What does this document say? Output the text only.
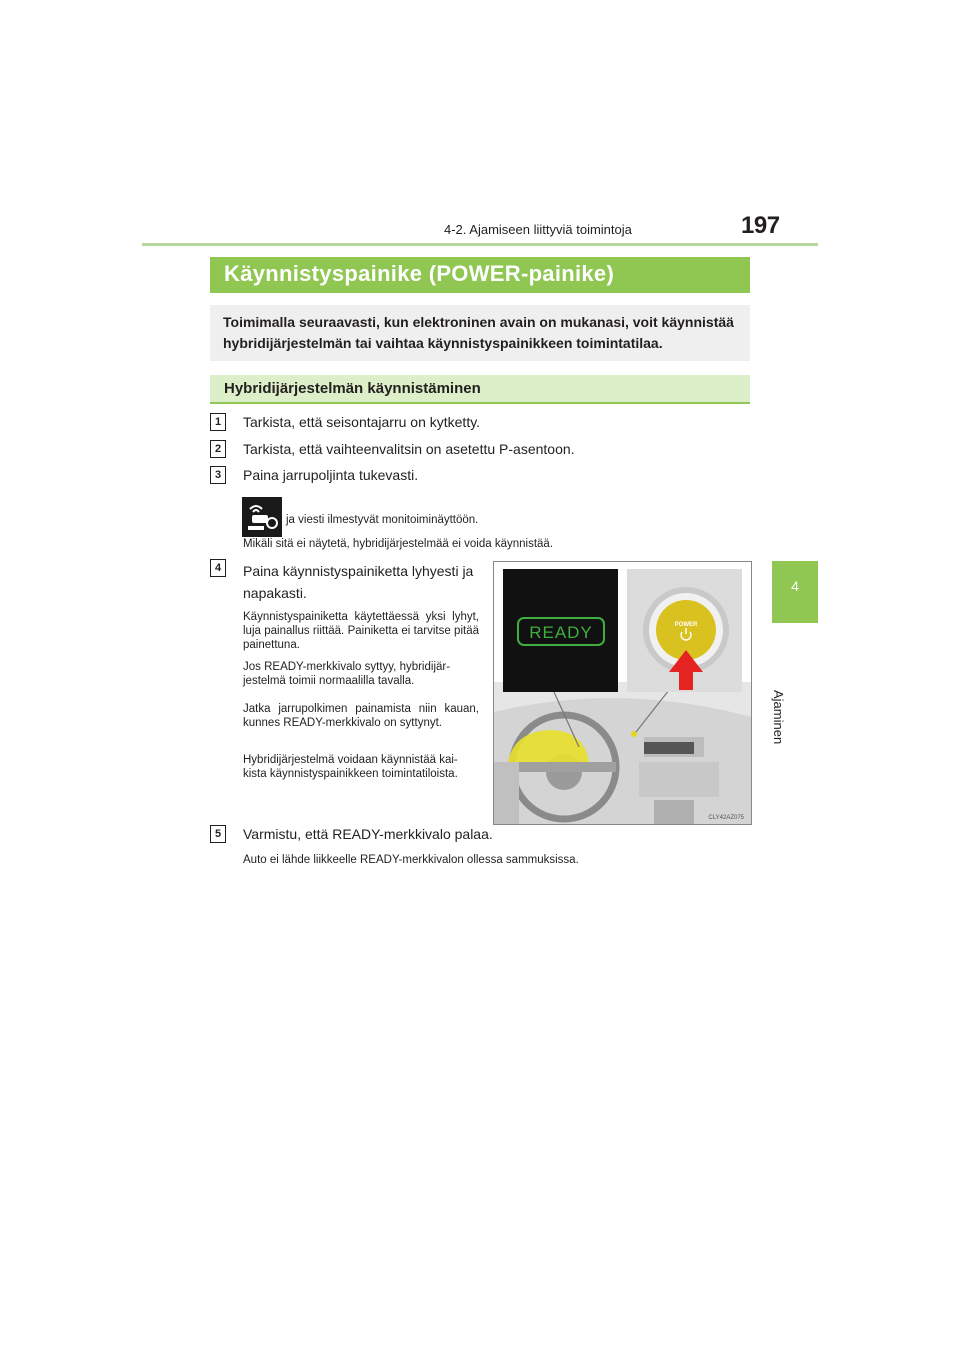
4-2. Ajamiseen liittyviä toimintoja	197
4
Ajaminen
Käynnistyspainike (POWER-painike)
Toimimalla seuraavasti, kun elektroninen avain on mukanasi, voit käynnistää hybridijärjestelmän tai vaihtaa käynnistyspainikkeen toimintatilaa.
Hybridijärjestelmän käynnistäminen
1	Tarkista, että seisontajarru on kytketty.
2	Tarkista, että vaihteenvalitsin on asetettu P-asentoon.
3	Paina jarrupoljinta tukevasti.
ja viesti ilmestyvät monitoiminäyttöön.
Mikäli sitä ei näytetä, hybridijärjestelmää ei voida käynnistää.
4	Paina käynnistyspainiketta lyhyesti ja napakasti.
Käynnistyspainiketta käytettäessä yksi lyhyt, luja painallus riittää. Painiketta ei tarvitse pitää painettuna.
Jos READY-merkkivalo syttyy, hybridijär-jestelmä toimii normaalilla tavalla.
Jatka jarrupolkimen painamista niin kauan, kunnes READY-merkkivalo on syttynyt.
Hybridijärjestelmä voidaan käynnistää kai-kista käynnistyspainikkeen toimintatiloista.
READY	POWER
CLY42AZ075
5	Varmistu, että READY-merkkivalo palaa.
Auto ei lähde liikkeelle READY-merkkivalon ollessa sammuksissa.
